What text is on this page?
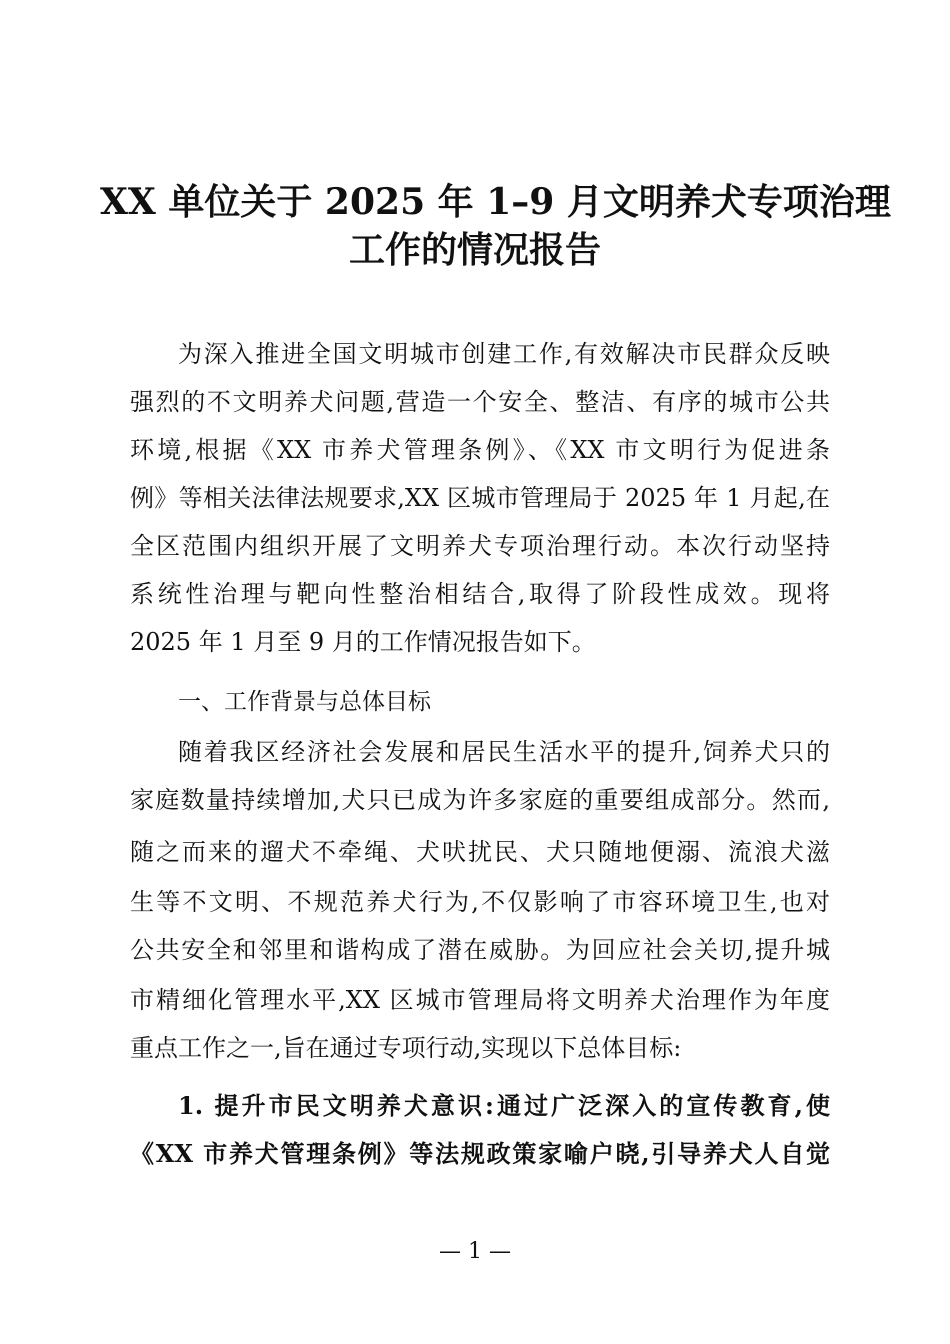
XX 单位关于 2025 年 1–9 月文明养犬专项治理
工作的情况报告
为深入推进全国文明城市创建工作,有效解决市民群众反映
强烈的不文明养犬问题,营造一个安全、整洁、有序的城市公共
环境,根据《XX 市养犬管理条例》、《XX 市文明行为促进条
例》等相关法律法规要求,XX 区城市管理局于 2025 年 1 月起,在
全区范围内组织开展了文明养犬专项治理行动。本次行动坚持
系统性治理与靶向性整治相结合,取得了阶段性成效。现将
2025 年 1 月至 9 月的工作情况报告如下。
一、工作背景与总体目标
随着我区经济社会发展和居民生活水平的提升,饲养犬只的
家庭数量持续增加,犬只已成为许多家庭的重要组成部分。然而,
随之而来的遛犬不牵绳、犬吠扰民、犬只随地便溺、流浪犬滋
生等不文明、不规范养犬行为,不仅影响了市容环境卫生,也对
公共安全和邻里和谐构成了潜在威胁。为回应社会关切,提升城
市精细化管理水平,XX 区城市管理局将文明养犬治理作为年度
重点工作之一,旨在通过专项行动,实现以下总体目标:
1. 提升市民文明养犬意识:通过广泛深入的宣传教育,使
《XX 市养犬管理条例》等法规政策家喻户晓,引导养犬人自觉
— 1 —
